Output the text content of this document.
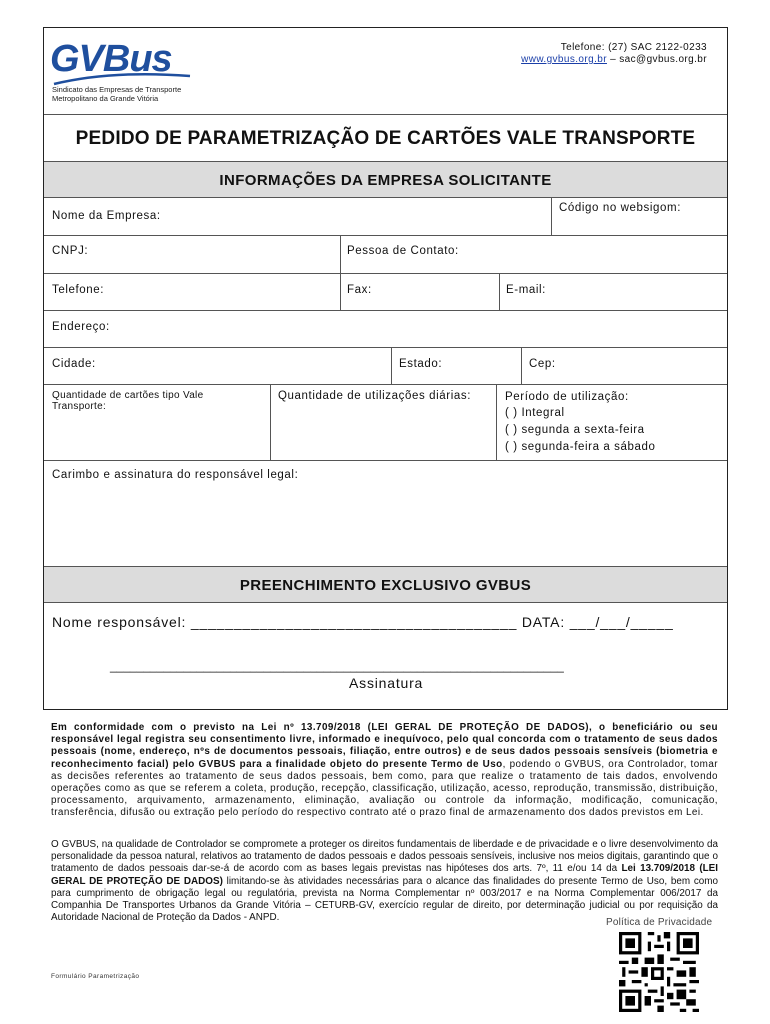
GVBus
Sindicato das Empresas de Transporte
Metropolitano da Grande Vitória
Telefone: (27) SAC 2122-0233
www.gvbus.org.br – sac@gvbus.org.br
PEDIDO DE PARAMETRIZAÇÃO DE CARTÕES VALE TRANSPORTE
INFORMAÇÕES DA EMPRESA SOLICITANTE
Nome da Empresa:
Código no websigom:
CNPJ:	Pessoa de Contato:
Telefone:	Fax:	E-mail:
Endereço:
Cidade:	Estado:	Cep:
Quantidade de cartões tipo Vale
Transporte:
Quantidade de utilizações diárias:	Período de utilização:
( ) Integral
( ) segunda a sexta-feira
( ) segunda-feira a sábado
Carimbo e assinatura do responsável legal:
PREENCHIMENTO EXCLUSIVO GVBUS
Nome responsável: ______________________________________ DATA: ___/___/_____
____________________________________________________________________
Assinatura
Em conformidade com o previsto na Lei nº 13.709/2018 (LEI GERAL DE PROTEÇÃO DE DADOS), o beneficiário ou seu responsável legal registra seu consentimento livre, informado e inequívoco, pelo qual concorda com o tratamento de seus dados pessoais (nome, endereço, nºs de documentos pessoais, filiação, entre outros) e de seus dados pessoais sensíveis (biometria e reconhecimento facial) pelo GVBUS para a finalidade objeto do presente Termo de Uso, podendo o GVBUS, ora Controlador, tomar as decisões referentes ao tratamento de seus dados pessoais, bem como, para que realize o tratamento de tais dados, envolvendo operações como as que se referem a coleta, produção, recepção, classificação, utilização, acesso, reprodução, transmissão, distribuição, processamento, arquivamento, armazenamento, eliminação, avaliação ou controle da informação, modificação, comunicação, transferência, difusão ou extração pelo período do respectivo contrato até o prazo final de armazenamento dos dados previstos em Lei.
O GVBUS, na qualidade de Controlador se compromete a proteger os direitos fundamentais de liberdade e de privacidade e o livre desenvolvimento da personalidade da pessoa natural, relativos ao tratamento de dados pessoais e dados pessoais sensíveis, inclusive nos meios digitais, garantindo que o tratamento de dados pessoais dar-se-á de acordo com as bases legais previstas nas hipóteses dos arts. 7º, 11 e/ou 14 da Lei 13.709/2018 (LEI GERAL DE PROTEÇÃO DE DADOS) limitando-se às atividades necessárias para o alcance das finalidades do presente Termo de Uso, bem como para cumprimento de obrigação legal ou regulatória, prevista na Norma Complementar nº 003/2017 e na Norma Complementar 006/2017 da Companhia De Transportes Urbanos da Grande Vitória – CETURB-GV, exercício regular de direito, por determinação judicial ou por requisição da Autoridade Nacional de Proteção da Dados - ANPD.	Política de Privacidade
Formulário Parametrização
